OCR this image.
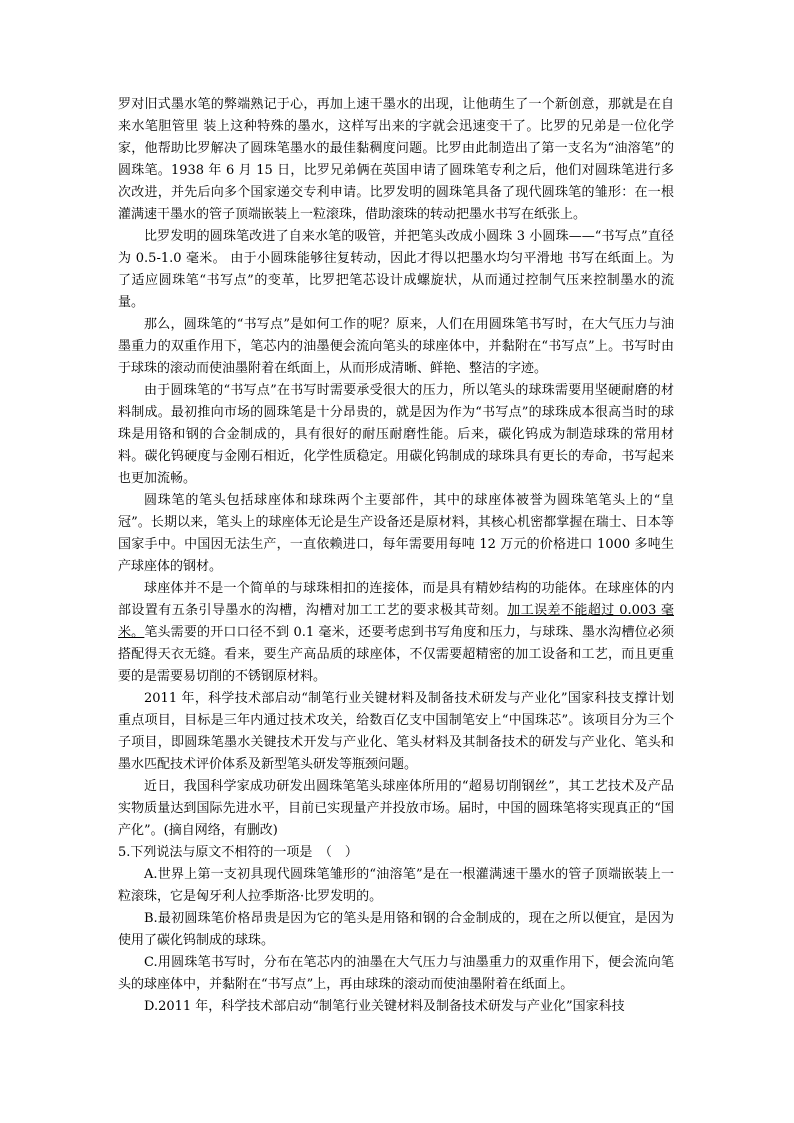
罗对旧式墨水笔的弊端熟记于心，再加上速干墨水的出现，让他萌生了一个新创意，那就是在自来水笔胆管里 装上这种特殊的墨水，这样写出来的字就会迅速变干了。比罗的兄弟是一位化学家，他帮助比罗解决了圆珠笔墨水的最佳黏稠度问题。比罗由此制造出了第一支名为“油溶笔”的圆珠笔。1938 年 6 月 15 日，比罗兄弟俩在英国申请了圆珠笔专利之后，他们对圆珠笔进行多次改进，并先后向多个国家递交专利申请。比罗发明的圆珠笔具备了现代圆珠笔的雏形：在一根灌满速干墨水的管子顶端嵌装上一粒滚珠，借助滚珠的转动把墨水书写在纸张上。

比罗发明的圆珠笔改进了自来水笔的吸管，并把笔头改成小圆珠 3 小圆珠——“书写点”直径为 0.5-1.0 毫米。 由于小圆珠能够往复转动，因此才得以把墨水均匀平滑地 书写在纸面上。为了适应圆珠笔“书写点”的变革，比罗把笔芯设计成螺旋状，从而通过控制气压来控制墨水的流量。

那么，圆珠笔的“书写点”是如何工作的呢？原来，人们在用圆珠笔书写时，在大气压力与油墨重力的双重作用下，笔芯内的油墨便会流向笔头的球座体中，并黏附在“书写点”上。书写时由于球珠的滚动而使油墨附着在纸面上，从而形成清晰、鲜艳、整洁的字迹。

由于圆珠笔的“书写点”在书写时需要承受很大的压力，所以笔头的球珠需要用坚硬耐磨的材料制成。最初推向市场的圆珠笔是十分昂贵的，就是因为作为“书写点”的球珠成本很高当时的球珠是用铬和钢的合金制成的，具有很好的耐压耐磨性能。后来，碳化钨成为制造球珠的常用材料。碳化钨硬度与金刚石相近，化学性质稳定。用碳化钨制成的球珠具有更长的寿命，书写起来也更加流畅。

圆珠笔的笔头包括球座体和球珠两个主要部件，其中的球座体被誉为圆珠笔笔头上的“皇冠”。长期以来，笔头上的球座体无论是生产设备还是原材料，其核心机密都掌握在瑞士、日本等国家手中。中国因无法生产，一直依赖进口，每年需要用每吨 12 万元的价格进口 1000 多吨生产球座体的钢材。

球座体并不是一个简单的与球珠相扣的连接体，而是具有精妙结构的功能体。在球座体的内部设置有五条引导墨水的沟槽，沟槽对加工工艺的要求极其苛刻。加工误差不能超过 0.003 毫米。笔头需要的开口口径不到 0.1 毫米，还要考虑到书写角度和压力，与球珠、墨水沟槽位必须搭配得天衣无缝。看来，要生产高品质的球座体，不仅需要超精密的加工设备和工艺，而且更重要的是需要易切削的不锈钢原材料。

2011 年，科学技术部启动“制笔行业关键材料及制备技术研发与产业化”国家科技支撑计划重点项目，目标是三年内通过技术攻关，给数百亿支中国制笔安上“中国珠芯”。该项目分为三个子项目，即圆珠笔墨水关键技术开发与产业化、笔头材料及其制备技术的研发与产业化、笔头和墨水匹配技术评价体系及新型笔头研发等瓶颈问题。

近日，我国科学家成功研发出圆珠笔笔头球座体所用的“超易切削钢丝”，其工艺技术及产品实物质量达到国际先进水平，目前已实现量产并投放市场。届时，中国的圆珠笔将实现真正的“国产化”。(摘自网络，有删改)

5.下列说法与原文不相符的一项是　（　）

A.世界上第一支初具现代圆珠笔雏形的“油溶笔”是在一根灌满速干墨水的管子顶端嵌装上一粒滚珠，它是匈牙利人拉季斯洛·比罗发明的。

B.最初圆珠笔价格昂贵是因为它的笔头是用铬和钢的合金制成的，现在之所以便宜，是因为使用了碳化钨制成的球珠。

C.用圆珠笔书写时，分布在笔芯内的油墨在大气压力与油墨重力的双重作用下，便会流向笔头的球座体中，并黏附在“书写点”上，再由球珠的滚动而使油墨附着在纸面上。

D.2011 年，科学技术部启动“制笔行业关键材料及制备技术研发与产业化”国家科技
